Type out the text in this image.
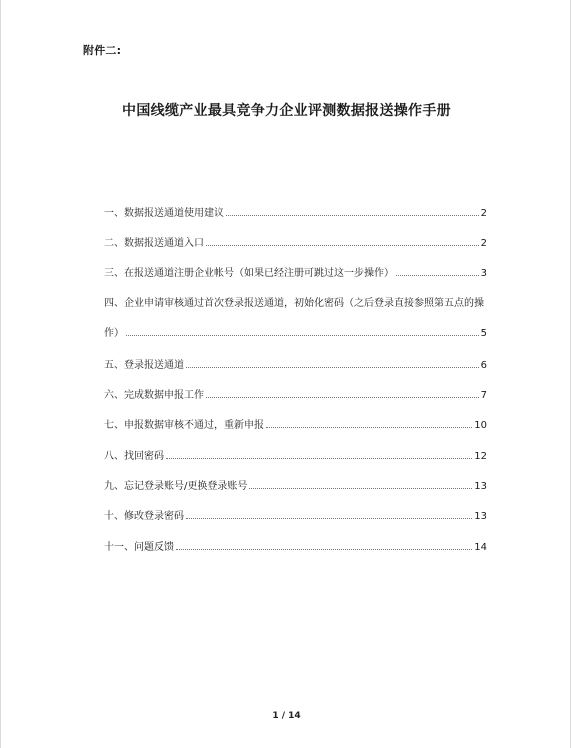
附件二:
中国线缆产业最具竞争力企业评测数据报送操作手册
一、数据报送通道使用建议	2
二、数据报送通道入口	2
三、在报送通道注册企业帐号（如果已经注册可跳过这一步操作）	3
四、企业申请审核通过首次登录报送通道，初始化密码（之后登录直接参照第五点的操
作）	5
五、登录报送通道	6
六、完成数据申报工作	7
七、申报数据审核不通过，重新申报	10
八、找回密码	12
九、忘记登录账号/更换登录账号	13
十、修改登录密码	13
十一、问题反馈	14
1 / 14
